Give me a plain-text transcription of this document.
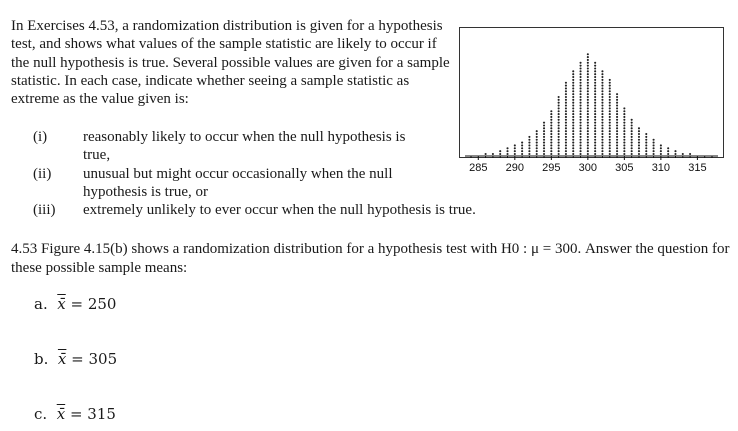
In Exercises 4.53, a randomization distribution is given for a hypothesis test, and shows what values of the sample statistic are likely to occur if the null hypothesis is true. Several possible values are given for a sample statistic. In each case, indicate whether seeing a sample statistic as extreme as the value given is:
(i)	reasonably likely to occur when the null hypothesis is true,
(ii)	unusual but might occur occasionally when the null hypothesis is true, or
(iii)	extremely unlikely to ever occur when the null hypothesis is true.
285 290 295 300 305 310 315
4.53 Figure 4.15(b) shows a randomization distribution for a hypothesis test with H0 : μ = 300. Answer the question for these possible sample means:
a. x̄ = 250
b. x̄ = 305
c. x̄ = 315
